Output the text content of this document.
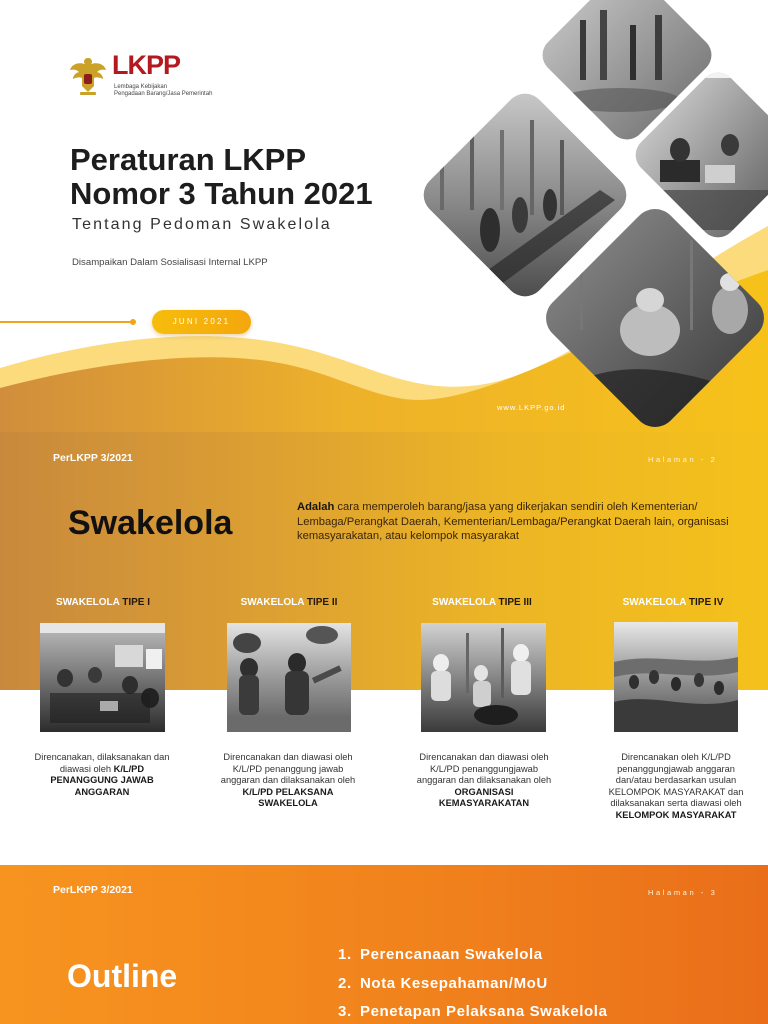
LKPP
Lembaga Kebijakan
Pengadaan Barang/Jasa Pemerintah
Peraturan LKPP
Nomor 3 Tahun 2021
Tentang Pedoman Swakelola
Disampaikan Dalam Sosialisasi Internal LKPP
JUNI 2021
www.LKPP.go.id
PerLKPP 3/2021	Halaman - 2
Swakelola	Adalah cara memperoleh barang/jasa yang dikerjakan sendiri oleh Kementerian/ Lembaga/Perangkat Daerah, Kementerian/Lembaga/Perangkat Daerah lain, organisasi kemasyarakatan, atau kelompok masyarakat
SWAKELOLA TIPE I
Direncanakan, dilaksanakan dan diawasi oleh K/L/PD PENANGGUNG JAWAB ANGGARAN
SWAKELOLA TIPE II
Direncanakan dan diawasi oleh K/L/PD penanggung jawab anggaran dan dilaksanakan oleh K/L/PD PELAKSANA SWAKELOLA
SWAKELOLA TIPE III
Direncanakan dan diawasi oleh K/L/PD penanggungjawab anggaran dan dilaksanakan oleh ORGANISASI KEMASYARAKATAN
SWAKELOLA TIPE IV
Direncanakan oleh K/L/PD penanggungjawab anggaran dan/atau berdasarkan usulan KELOMPOK MASYARAKAT dan dilaksanakan serta diawasi oleh KELOMPOK MASYARAKAT
PerLKPP 3/2021	Halaman - 3
Outline
1. Perencanaan Swakelola
2. Nota Kesepahaman/MoU
3. Penetapan Pelaksana Swakelola
